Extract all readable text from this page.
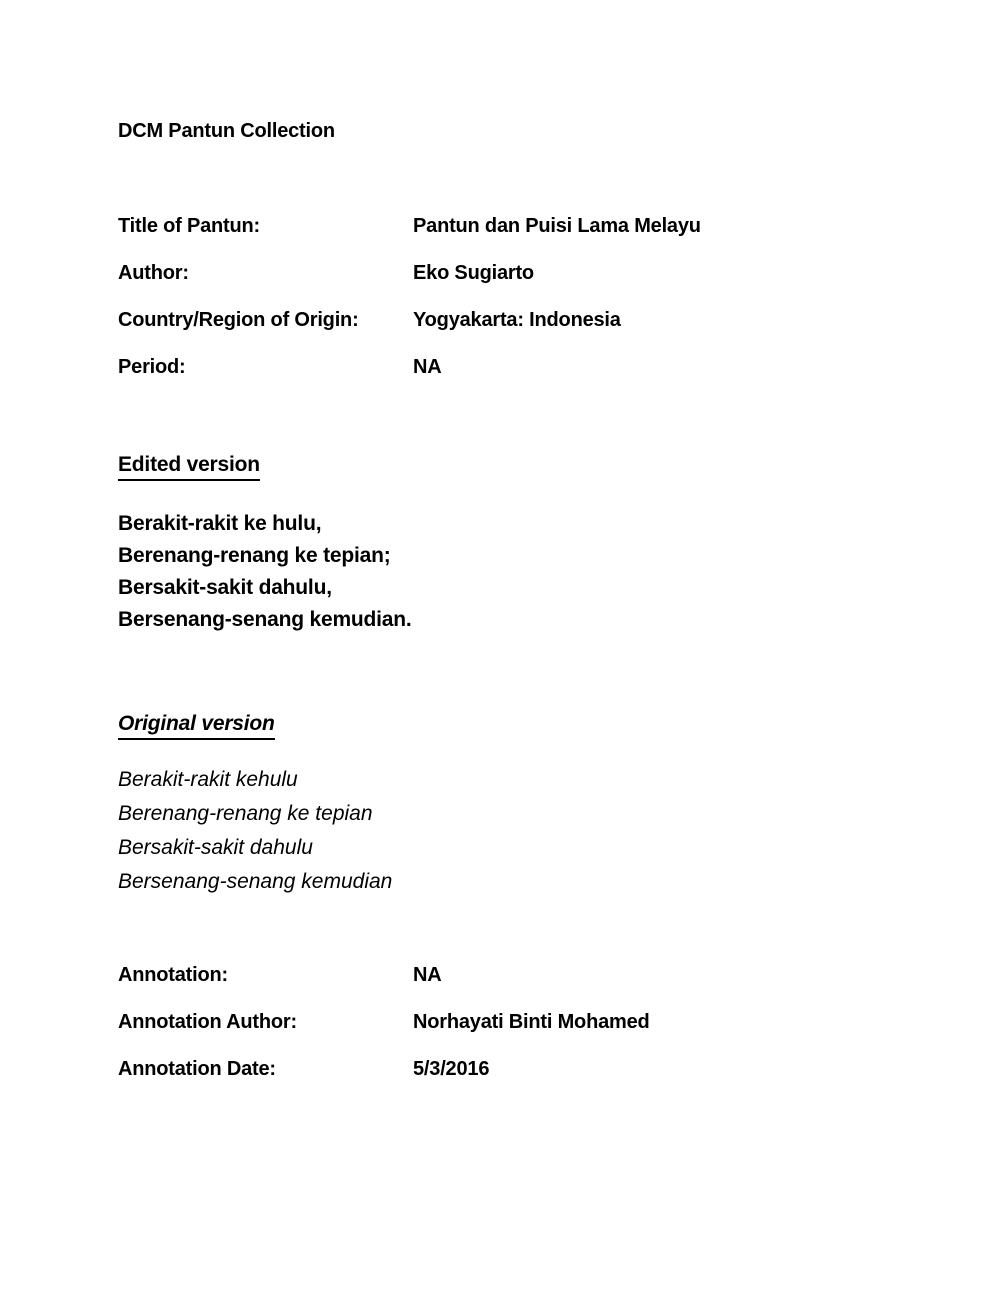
DCM Pantun Collection
Title of Pantun:	Pantun dan Puisi Lama Melayu
Author:	Eko Sugiarto
Country/Region of Origin:	Yogyakarta: Indonesia
Period:	NA
Edited version
Berakit-rakit ke hulu,
Berenang-renang ke tepian;
Bersakit-sakit dahulu,
Bersenang-senang kemudian.
Original version
Berakit-rakit kehulu
Berenang-renang ke tepian
Bersakit-sakit dahulu
Bersenang-senang kemudian
Annotation:	NA
Annotation Author:	Norhayati Binti Mohamed
Annotation Date:	5/3/2016
